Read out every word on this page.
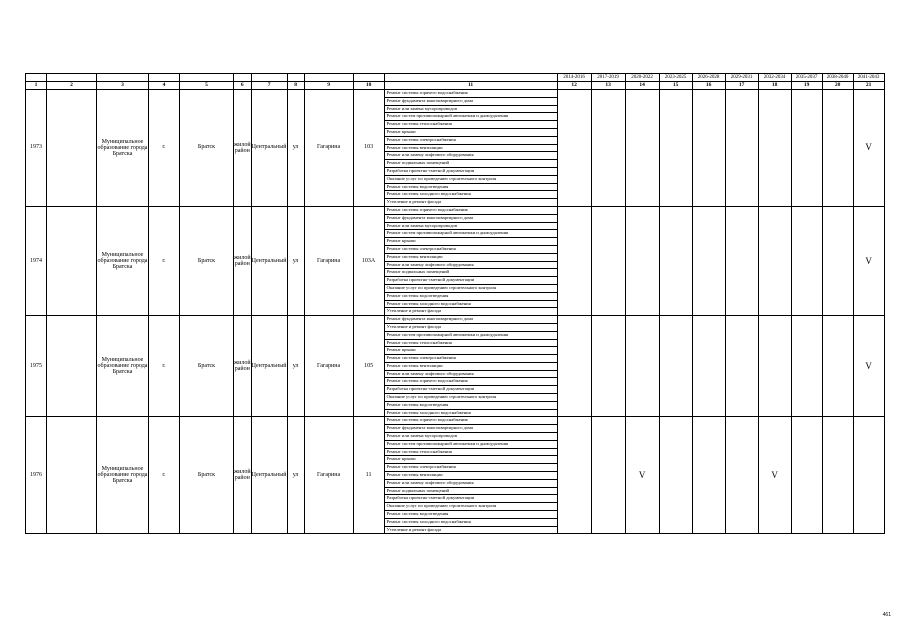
											2014-2016	2017-2019	2020-2022	2023-2025	2026-2028	2029-2031	2032-2034	2035-2037	2038-2040	2041-2043
1	2	3	4	5	6	7	8	9	10	11	12	13	14	15	16	17	18	19	20	21
1973		Муниципальное образование города Братска	г.	Братск	жилой район	Центральный	ул	Гагарина	103	Ремонт системы горячего водоснабжения										V
										Ремонт фундамента многоквартирного дома										
										Ремонт или замена мусоропроводов										
										Ремонт систем противопожарной автоматики и дымоудаления										
										Ремонт системы теплоснабжения										
										Ремонт крыши										
										Ремонт системы электроснабжения										
										Ремонт системы вентиляции										
										Ремонт или замену лифтового оборудования										
										Ремонт подвальных помещений										
										Разработка проектно-сметной документации										
										Оказание услуг по проведению строительного контроля										
										Ремонт системы водоотведения										
										Ремонт системы холодного водоснабжения										
										Утепление и ремонт фасада										
1974		Муниципальное образование города Братска	г.	Братск	жилой район	Центральный	ул	Гагарина	103А	Ремонт системы горячего водоснабжения										V
										Ремонт фундамента многоквартирного дома										
										Ремонт или замена мусоропроводов										
										Ремонт систем противопожарной автоматики и дымоудаления										
										Ремонт крыши										
										Ремонт системы электроснабжения										
										Ремонт системы вентиляции										
										Ремонт или замену лифтового оборудования										
										Ремонт подвальных помещений										
										Разработка проектно-сметной документации										
										Оказание услуг по проведению строительного контроля										
										Ремонт системы водоотведения										
										Ремонт системы холодного водоснабжения										
										Утепление и ремонт фасада										
1975		Муниципальное образование города Братска	г.	Братск	жилой район	Центральный	ул	Гагарина	105	Ремонт фундамента многоквартирного дома										V
										Утепление и ремонт фасада										
										Ремонт систем противопожарной автоматики и дымоудаления										
										Ремонт системы теплоснабжения										
										Ремонт крыши										
										Ремонт системы электроснабжения										
										Ремонт системы вентиляции										
										Ремонт или замену лифтового оборудования										
										Ремонт системы горячего водоснабжения										
										Разработка проектно-сметной документации										
										Оказание услуг по проведению строительного контроля										
										Ремонт системы водоотведения										
										Ремонт системы холодного водоснабжения										
1976		Муниципальное образование города Братска	г.	Братск	жилой район	Центральный	ул	Гагарина	11	Ремонт системы горячего водоснабжения			V				V			
										Ремонт фундамента многоквартирного дома										
										Ремонт или замена мусоропроводов										
										Ремонт систем противопожарной автоматики и дымоудаления										
										Ремонт системы теплоснабжения										
										Ремонт крыши										
										Ремонт системы электроснабжения										
										Ремонт системы вентиляции										
										Ремонт или замену лифтового оборудования										
										Ремонт подвальных помещений										
										Разработка проектно-сметной документации										
										Оказание услуг по проведению строительного контроля										
										Ремонт системы водоотведения										
										Ремонт системы холодного водоснабжения										
										Утепление и ремонт фасада										
461
